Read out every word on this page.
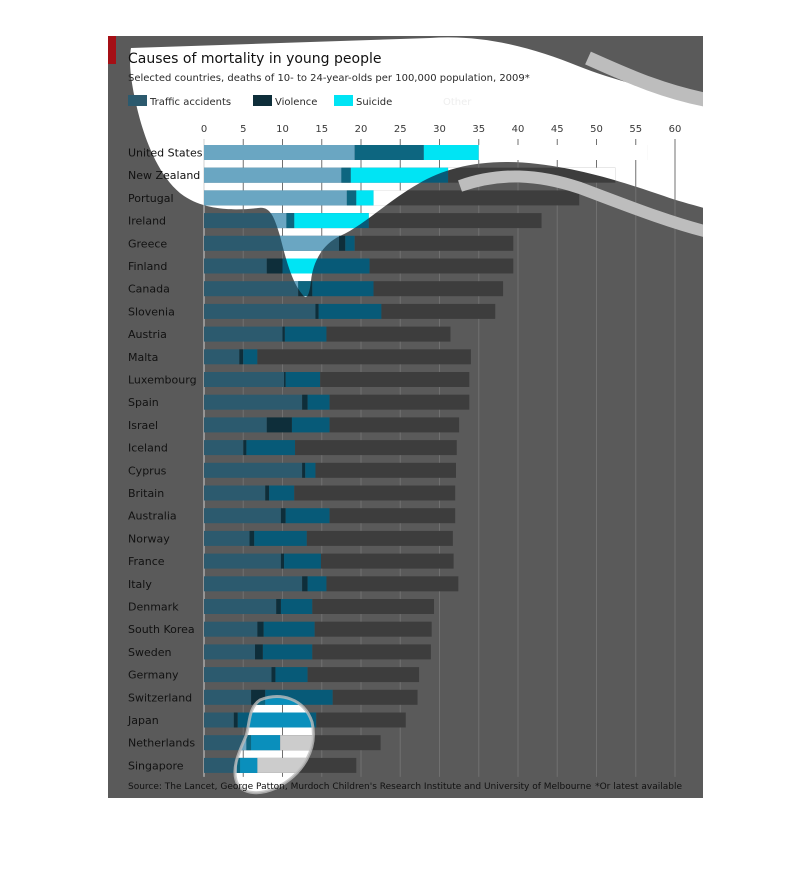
Causes of mortality in young people
Selected countries, deaths of 10- to 24-year-olds per 100,000 population, 2009*
Traffic accidents	Violence	Suicide	Other
0	5	10	15	20	25	30	35	40	45	50	55	60
United States
New Zealand
Portugal
Ireland
Greece
Finland
Canada
Slovenia
Austria
Malta
Luxembourg
Spain
Israel
Iceland
Cyprus
Britain
Australia
Norway
France
Italy
Denmark
South Korea
Sweden
Germany
Switzerland
Japan
Netherlands
Singapore
Source: The Lancet, George Patton, Murdoch Children's Research Institute and University of Melbourne *Or latest available
